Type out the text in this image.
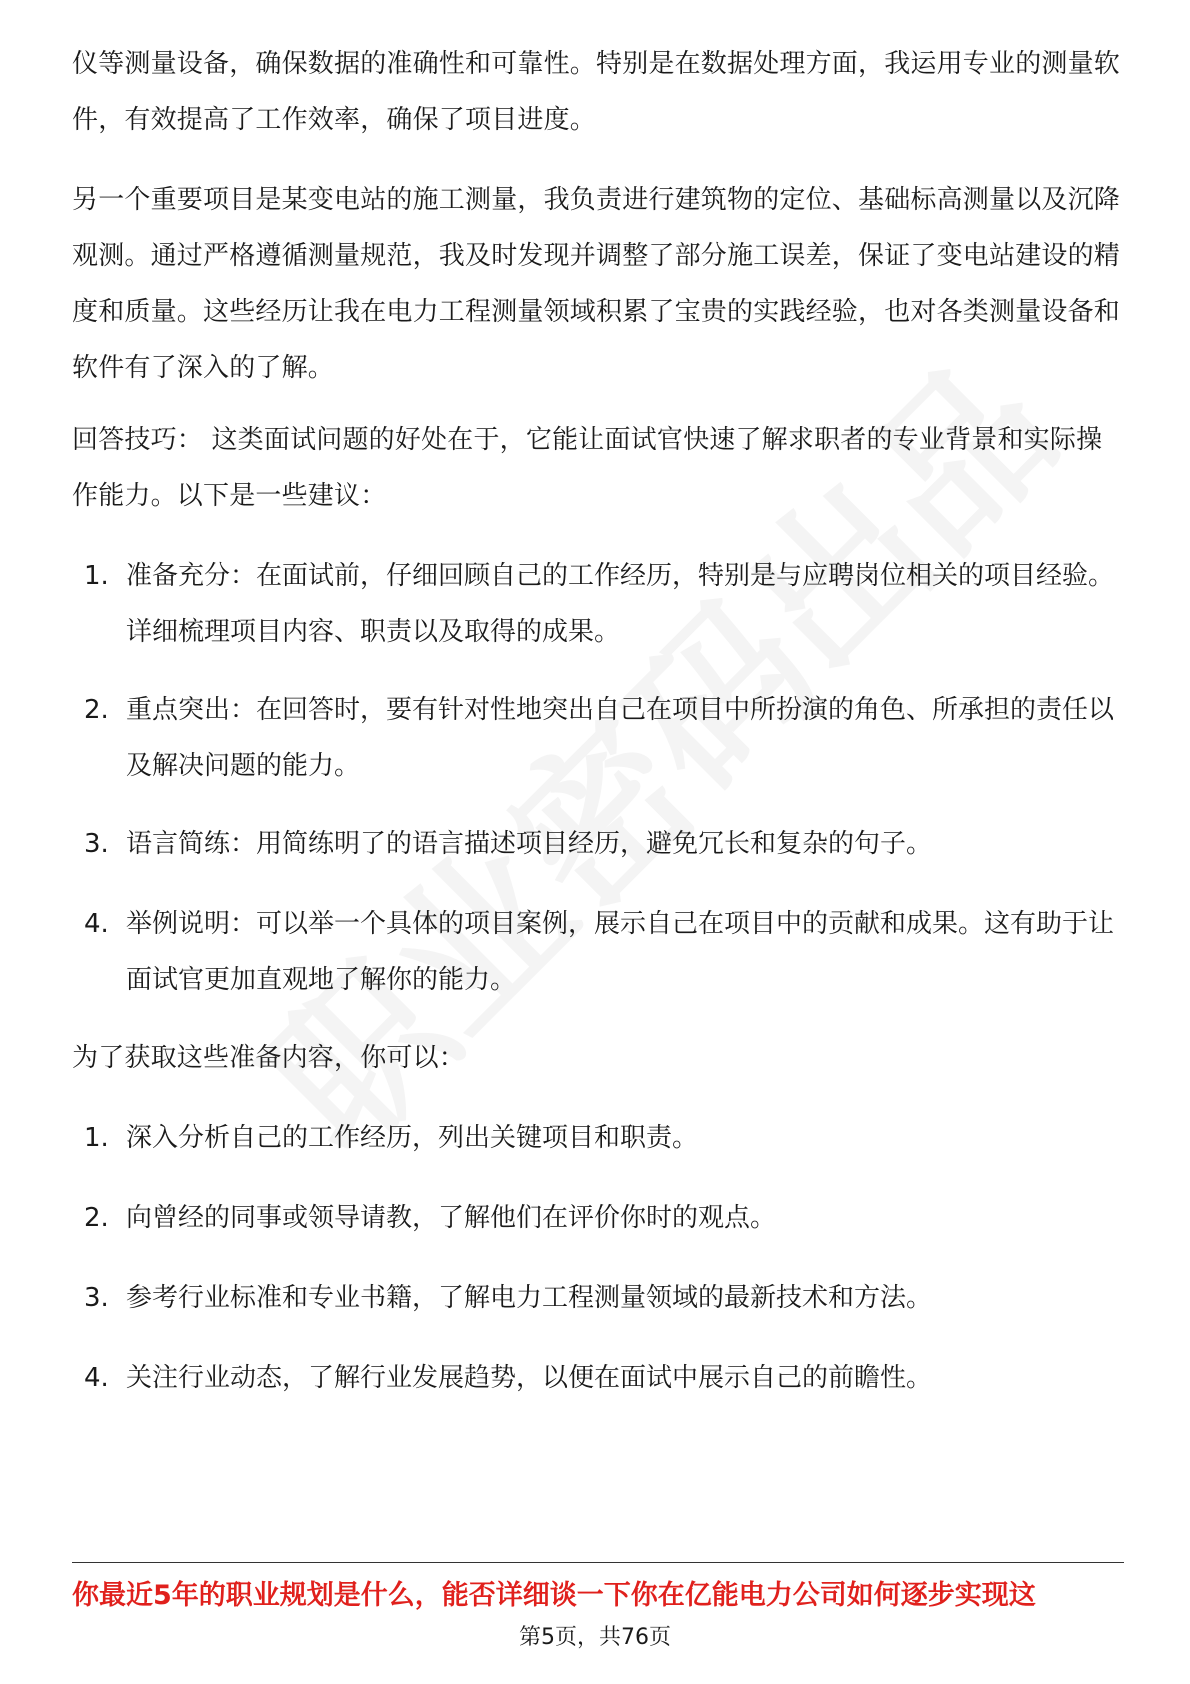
仪等测量设备，确保数据的准确性和可靠性。特别是在数据处理方面，我运用专业的测量软件，有效提高了工作效率，确保了项目进度。

另一个重要项目是某变电站的施工测量，我负责进行建筑物的定位、基础标高测量以及沉降观测。通过严格遵循测量规范，我及时发现并调整了部分施工误差，保证了变电站建设的精度和质量。这些经历让我在电力工程测量领域积累了宝贵的实践经验，也对各类测量设备和软件有了深入的了解。

回答技巧： 这类面试问题的好处在于，它能让面试官快速了解求职者的专业背景和实际操作能力。以下是一些建议：

1. 准备充分：在面试前，仔细回顾自己的工作经历，特别是与应聘岗位相关的项目经验。详细梳理项目内容、职责以及取得的成果。
2. 重点突出：在回答时，要有针对性地突出自己在项目中所扮演的角色、所承担的责任以及解决问题的能力。
3. 语言简练：用简练明了的语言描述项目经历，避免冗长和复杂的句子。
4. 举例说明：可以举一个具体的项目案例，展示自己在项目中的贡献和成果。这有助于让面试官更加直观地了解你的能力。

为了获取这些准备内容，你可以：

1. 深入分析自己的工作经历，列出关键项目和职责。
2. 向曾经的同事或领导请教，了解他们在评价你时的观点。
3. 参考行业标准和专业书籍，了解电力工程测量领域的最新技术和方法。
4. 关注行业动态，了解行业发展趋势，以便在面试中展示自己的前瞻性。
你最近5年的职业规划是什么，能否详细谈一下你在亿能电力公司如何逐步实现这
第5页，共76页
